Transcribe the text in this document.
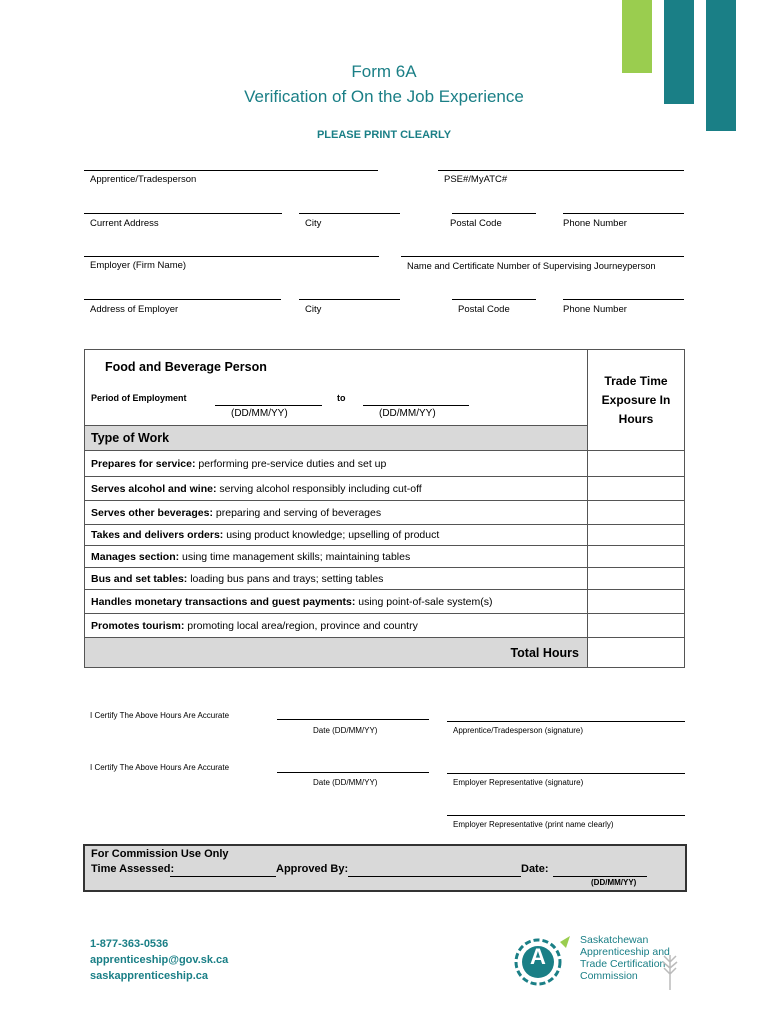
Form 6A
Verification of On the Job Experience
PLEASE PRINT CLEARLY
Apprentice/Tradesperson	PSE#/MyATC#
Current Address	City	Postal Code	Phone Number
Employer (Firm Name)	Name and Certificate Number of Supervising Journeyperson
Address of Employer	City	Postal Code	Phone Number
Food and Beverage Person
Period of Employment to
(DD/MM/YY) (DD/MM/YY)	Trade Time Exposure In Hours

Type of Work	
Prepares for service: performing pre-service duties and set up	
Serves alcohol and wine: serving alcohol responsibly including cut-off	
Serves other beverages: preparing and serving of beverages	
Takes and delivers orders: using product knowledge; upselling of product	
Manages section: using time management skills; maintaining tables	
Bus and set tables: loading bus pans and trays; setting tables	
Handles monetary transactions and guest payments: using point-of-sale system(s)	
Promotes tourism: promoting local area/region, province and country	
Total Hours	
I Certify The Above Hours Are Accurate
Date (DD/MM/YY)	Apprentice/Tradesperson (signature)
I Certify The Above Hours Are Accurate
Date (DD/MM/YY)	Employer Representative (signature)
Employer Representative (print name clearly)
For Commission Use Only
Time Assessed:	Approved By:	Date:
(DD/MM/YY)
1-877-363-0536
apprenticeship@gov.sk.ca
saskapprenticeship.ca
A
Saskatchewan
Apprenticeship and
Trade Certification
Commission
